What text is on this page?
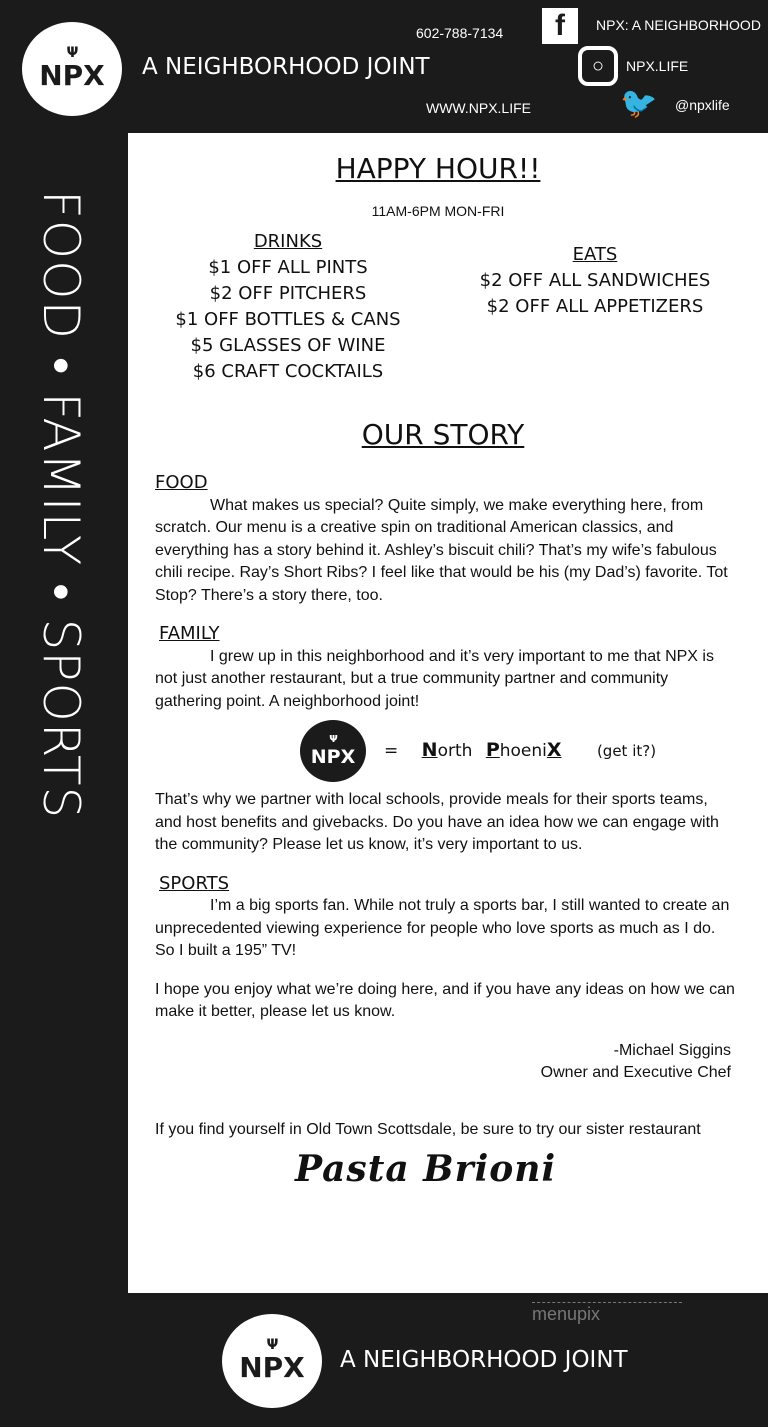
Ψ
NPX A NEIGHBORHOOD JOINT
602-788-7134
WWW.NPX.LIFE
f	NPX: A NEIGHBORHOOD
○	NPX.LIFE
🐦 @npxlife
FOOD • FAMILY • SPORTS
HAPPY HOUR!!
11AM-6PM MON-FRI
DRINKS
$1 OFF ALL PINTS
$2 OFF PITCHERS
$1 OFF BOTTLES & CANS
$5 GLASSES OF WINE
$6 CRAFT COCKTAILS
EATS
$2 OFF ALL SANDWICHES
$2 OFF ALL APPETIZERS
OUR STORY
FOOD
What makes us special? Quite simply, we make everything here, from scratch. Our menu is a creative spin on traditional American classics, and everything has a story behind it. Ashley’s biscuit chili? That’s my wife’s fabulous chili recipe. Ray’s Short Ribs? I feel like that would be his (my Dad’s) favorite. Tot Stop? There’s a story there, too.
FAMILY
I grew up in this neighborhood and it’s very important to me that NPX is not just another restaurant, but a true community partner and community gathering point. A neighborhood joint!
Ψ
NPX = North PhoeniX (get it?)
That’s why we partner with local schools, provide meals for their sports teams, and host benefits and givebacks. Do you have an idea how we can engage with the community? Please let us know, it’s very important to us.
SPORTS
I’m a big sports fan. While not truly a sports bar, I still wanted to create an unprecedented viewing experience for people who love sports as much as I do. So I built a 195” TV!
I hope you enjoy what we’re doing here, and if you have any ideas on how we can make it better, please let us know.
-Michael Siggins
Owner and Executive Chef
If you find yourself in Old Town Scottsdale, be sure to try our sister restaurant
Pasta Brioni
Ψ
NPX A NEIGHBORHOOD JOINT
menupix
